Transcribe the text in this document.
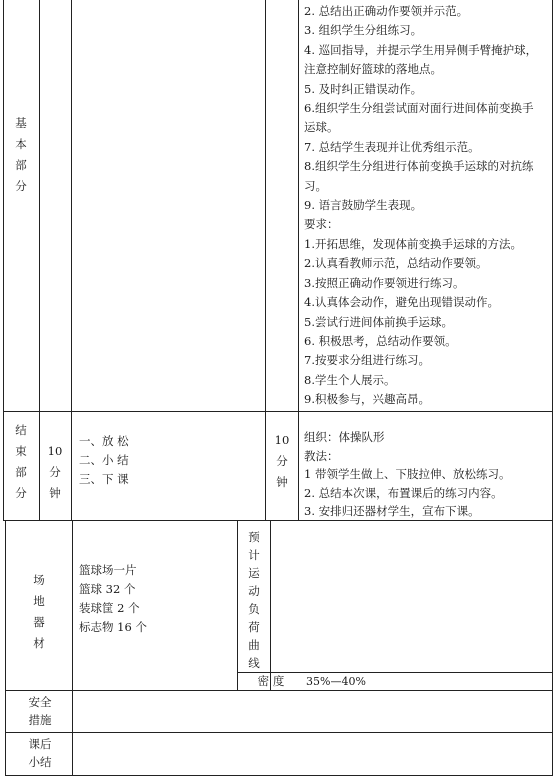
基
本
部
分
2. 总结出正确动作要领并示范。
3. 组织学生分组练习。
4. 巡回指导，并提示学生用异侧手臂掩护球，
注意控制好篮球的落地点。
5. 及时纠正错误动作。
6.组织学生分组尝试面对面行进间体前变换手
运球。
7. 总结学生表现并让优秀组示范。
8.组织学生分组进行体前变换手运球的对抗练
习。
9. 语言鼓励学生表现。
要求：
1.开拓思维，发现体前变换手运球的方法。
2.认真看教师示范，总结动作要领。
3.按照正确动作要领进行练习。
4.认真体会动作，避免出现错误动作。
5.尝试行进间体前换手运球。
6. 积极思考，总结动作要领。
7.按要求分组进行练习。
8.学生个人展示。
9.积极参与，兴趣高昂。
结
束
部
分
10
分
钟
一、放 松
二、小 结
三、下 课
10
分
钟
组织：体操队形
教法：
1 带领学生做上、下肢拉伸、放松练习。
2. 总结本次课，布置课后的练习内容。
3. 安排归还器材学生，宣布下课。
场
地
器
材
篮球场一片
篮球 32 个
装球筐 2 个
标志物 16 个
预
计
运
动
负
荷
曲
线
密 度	35%—40%
安全
措施
课后
小结
